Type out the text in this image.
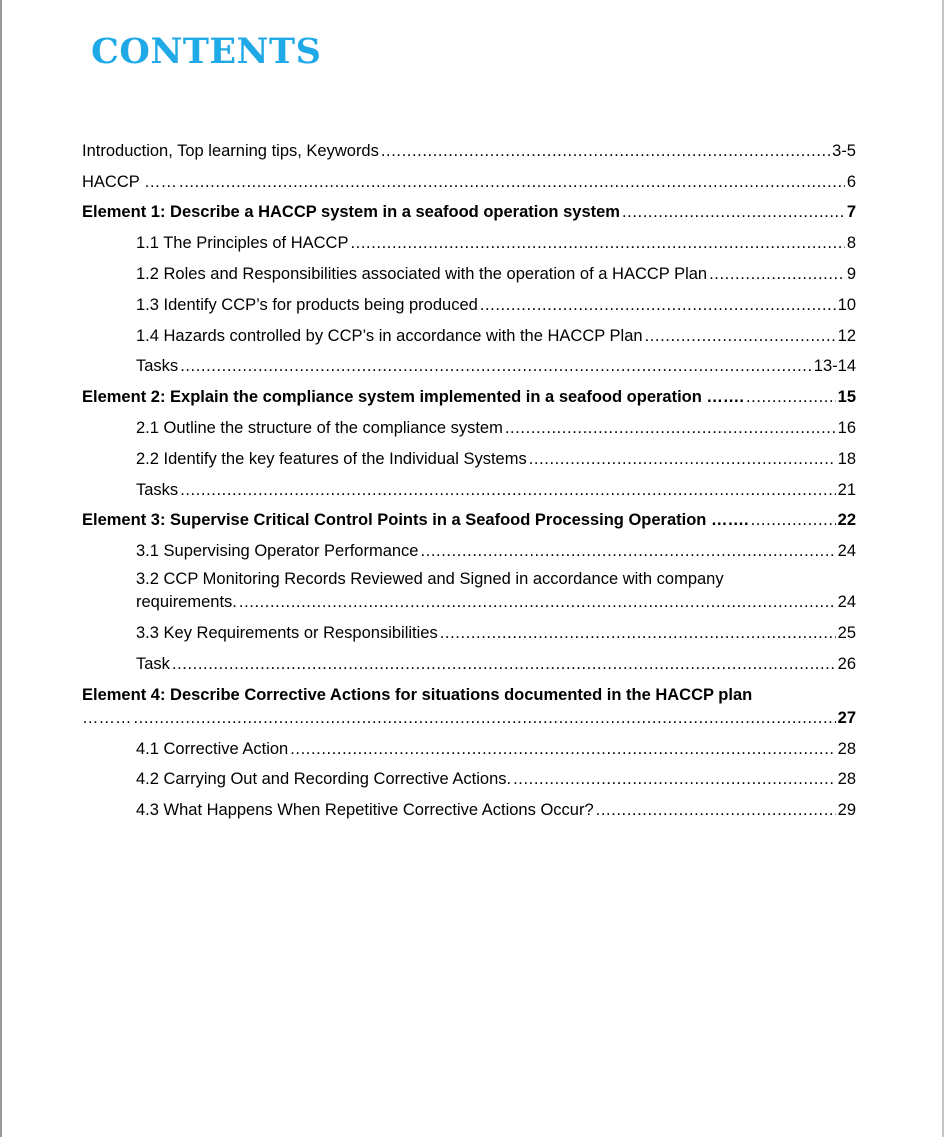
CONTENTS
Introduction, Top learning tips, Keywords .....	3-5
HACCP …… .....	6
Element 1: Describe a HACCP system in a seafood operation system .....	7
1.1 The Principles of HACCP .....	8
1.2 Roles and Responsibilities associated with the operation of a HACCP Plan .....	9
1.3 Identify CCP’s for products being produced .....	10
1.4 Hazards controlled by CCP’s in accordance with the HACCP Plan .....	12
Tasks .....	13-14
Element 2: Explain the compliance system implemented in a seafood operation ……. .....	15
2.1 Outline the structure of the compliance system .....	16
2.2 Identify the key features of the Individual Systems .....	18
Tasks .....	21
Element 3: Supervise Critical Control Points in a Seafood Processing Operation ……. .....	22
3.1 Supervising Operator Performance .....	24
3.2 CCP Monitoring Records Reviewed and Signed in accordance with company
requirements. .....	24
3.3 Key Requirements or Responsibilities .....	25
Task .....	26
Element 4: Describe Corrective Actions for situations documented in the HACCP plan
……… .....	27
4.1 Corrective Action .....	28
4.2 Carrying Out and Recording Corrective Actions. .....	28
4.3 What Happens When Repetitive Corrective Actions Occur? .....	29
